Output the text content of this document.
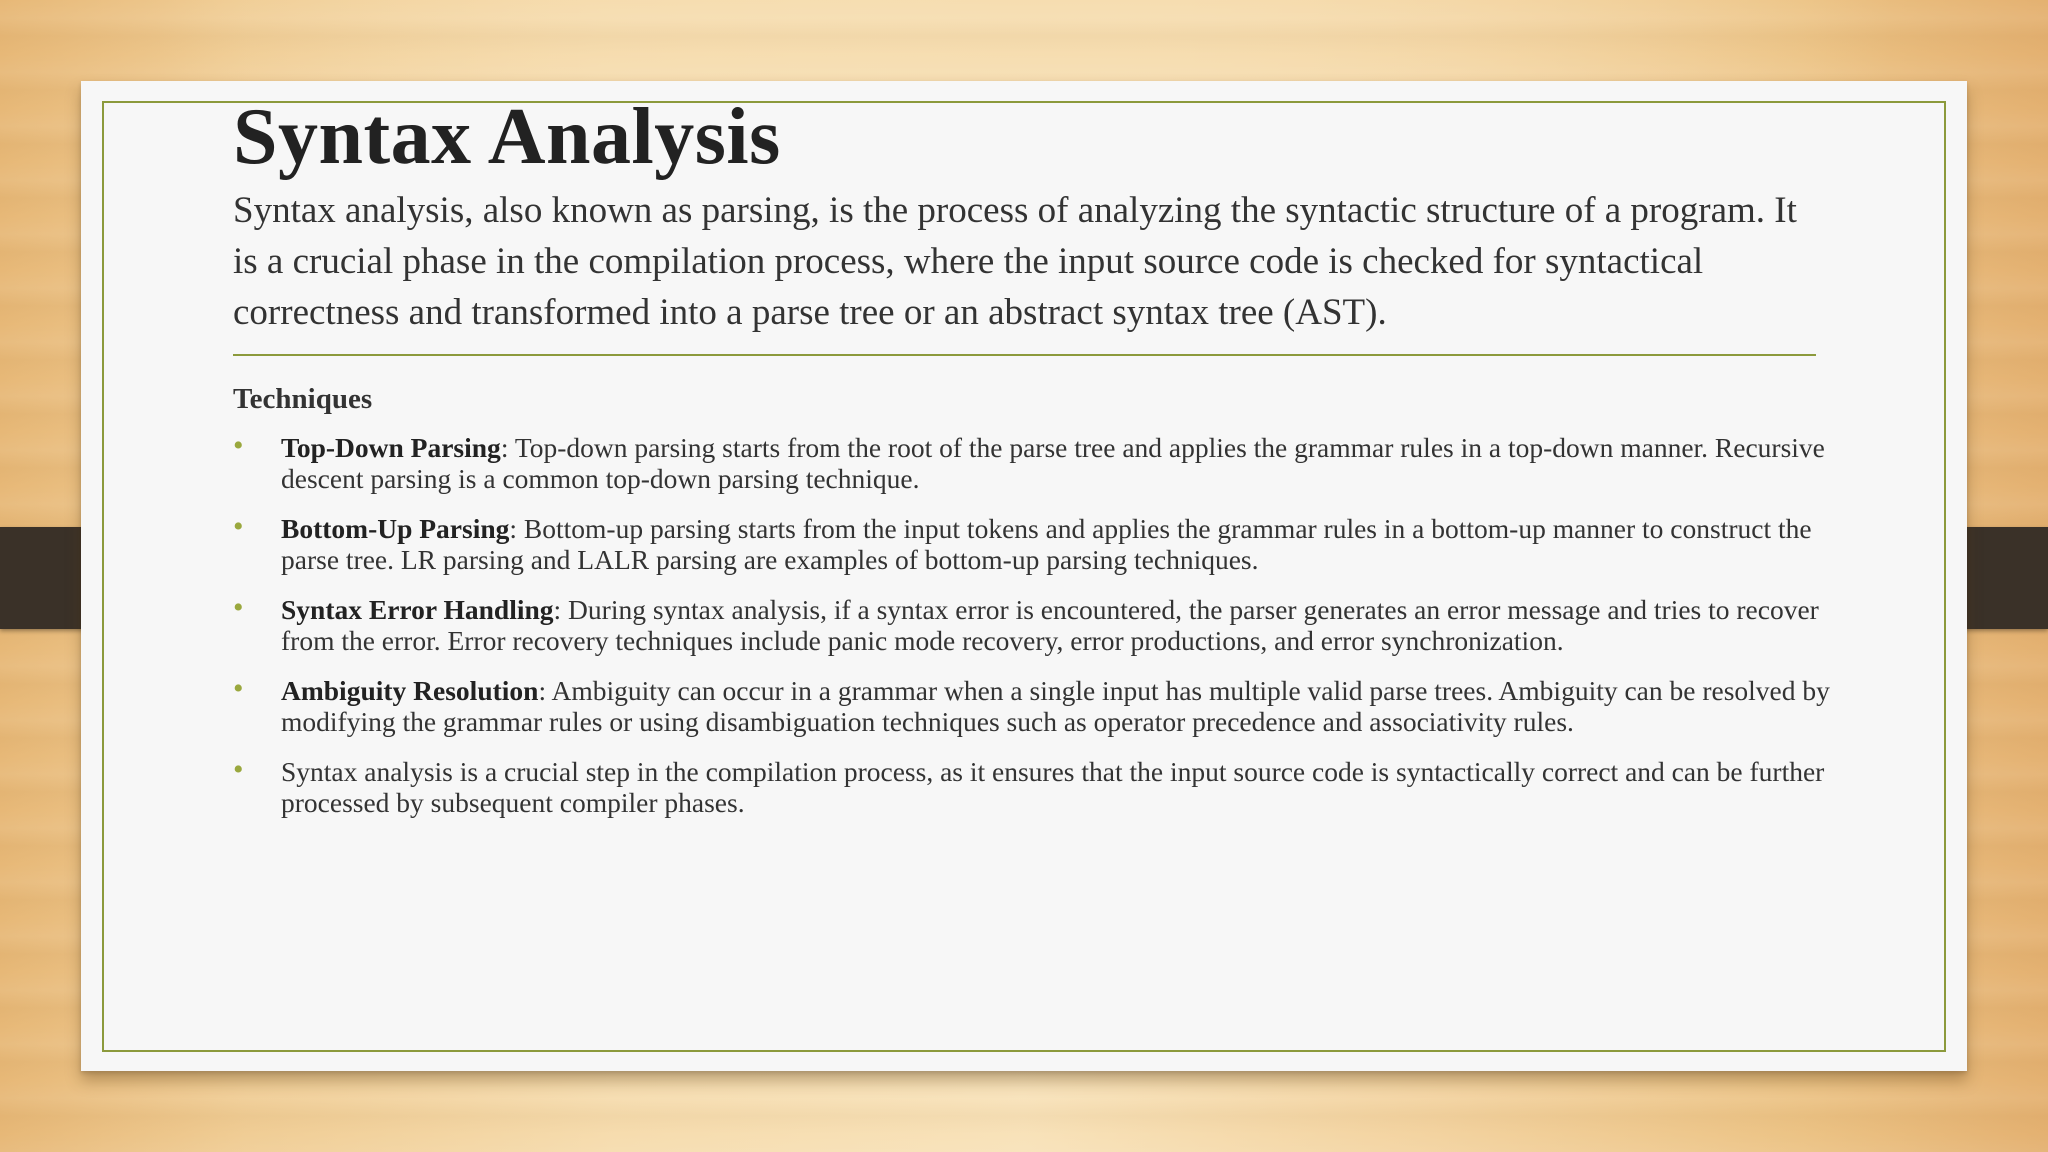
Syntax Analysis

Syntax analysis, also known as parsing, is the process of analyzing the syntactic structure of a program. It is a crucial phase in the compilation process, where the input source code is checked for syntactical correctness and transformed into a parse tree or an abstract syntax tree (AST).

Techniques
• Top-Down Parsing: Top-down parsing starts from the root of the parse tree and applies the grammar rules in a top-down manner. Recursive descent parsing is a common top-down parsing technique.
• Bottom-Up Parsing: Bottom-up parsing starts from the input tokens and applies the grammar rules in a bottom-up manner to construct the parse tree. LR parsing and LALR parsing are examples of bottom-up parsing techniques.
• Syntax Error Handling: During syntax analysis, if a syntax error is encountered, the parser generates an error message and tries to recover from the error. Error recovery techniques include panic mode recovery, error productions, and error synchronization.
• Ambiguity Resolution: Ambiguity can occur in a grammar when a single input has multiple valid parse trees. Ambiguity can be resolved by modifying the grammar rules or using disambiguation techniques such as operator precedence and associativity rules.
• Syntax analysis is a crucial step in the compilation process, as it ensures that the input source code is syntactically correct and can be further processed by subsequent compiler phases.
